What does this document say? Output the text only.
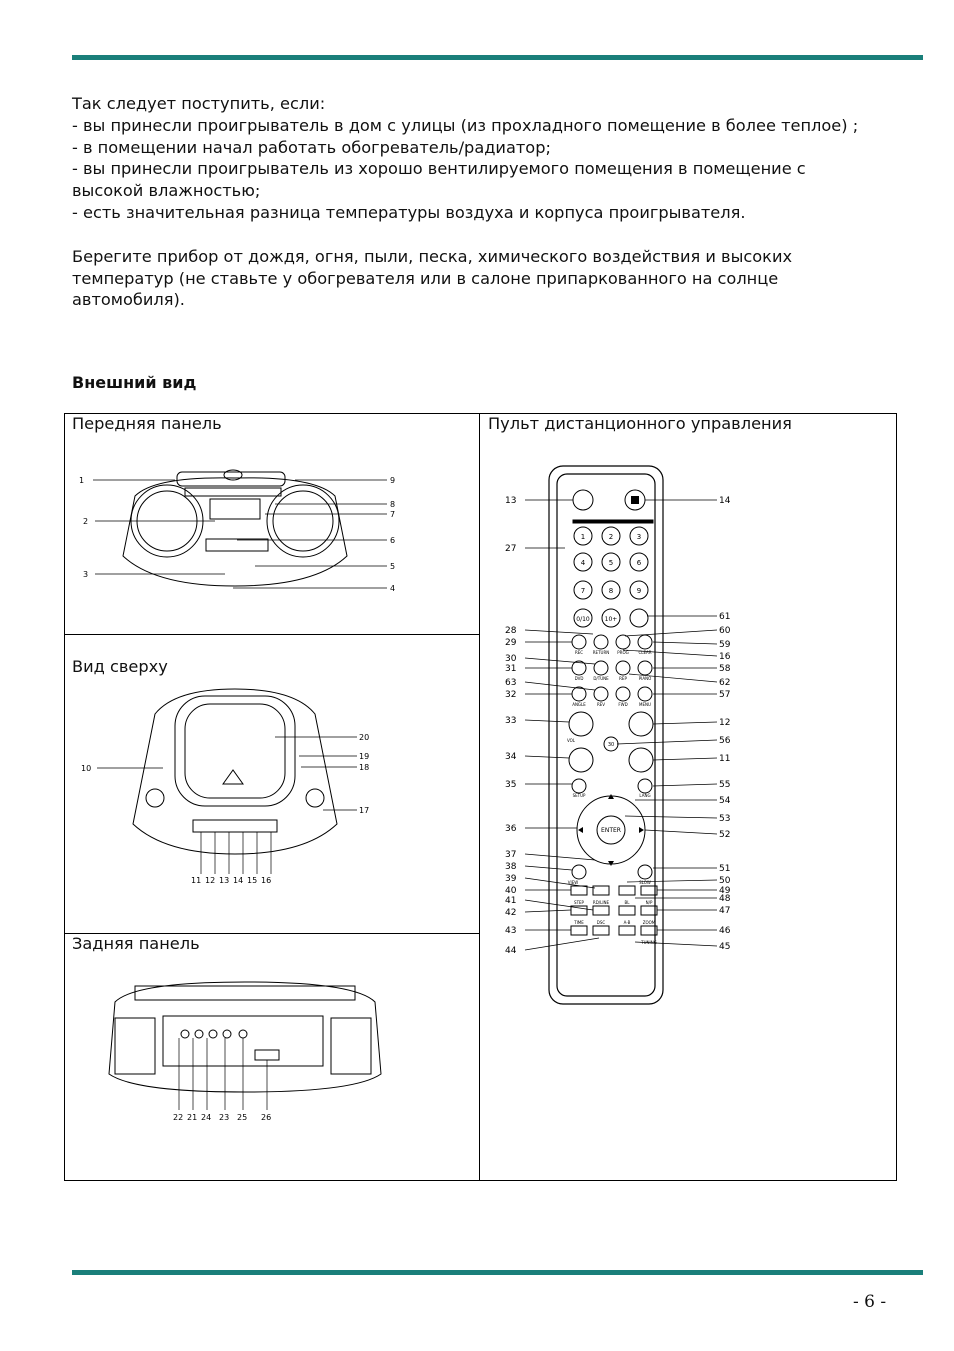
Так следует поступить, если:

- вы принесли проигрыватель в дом с улицы (из прохладного помещение в более теплое) ;

- в помещении начал работать обогреватель/радиатор;

- вы принесли проигрыватель из хорошо вентилируемого помещения в помещение с высокой влажностью;

- есть значительная разница температуры воздуха и корпуса проигрывателя.

Берегите прибор от дождя, огня, пыли, песка, химического воздействия и высоких температур (не ставьте у обогревателя или в салоне припаркованного на солнце автомобиля).

Внешний вид
Передняя панель
Вид сверху
Задняя панель
Пульт дистанционного управления
1
2
3
9
8
7
6
5
4
10
20
19
18
17
11 12 13 14 15 16
22 21 24 23 25 26
1	2	3
4	5	6
7	8	9
0/10 10+
ENTER
30
REC RETURN PROG CLEAR
DVD D/TUNE	REP	PIANO
ANGLE	REV	FWD	MENU
VOL
SETUP	LANG
VIEW	SLOW
STEP RD/LINE	BL	N/P
TIME	DSC	A-B	ZOOM
TUNING
13
27
28
29
30
31
63
32
33
34
35
36
37
38
39
40
41
42
43
44
14
61
60
59
16
58
62
57
12
56
11
55
54
53
52
51
50
49
48
47
46
45
- 6 -
